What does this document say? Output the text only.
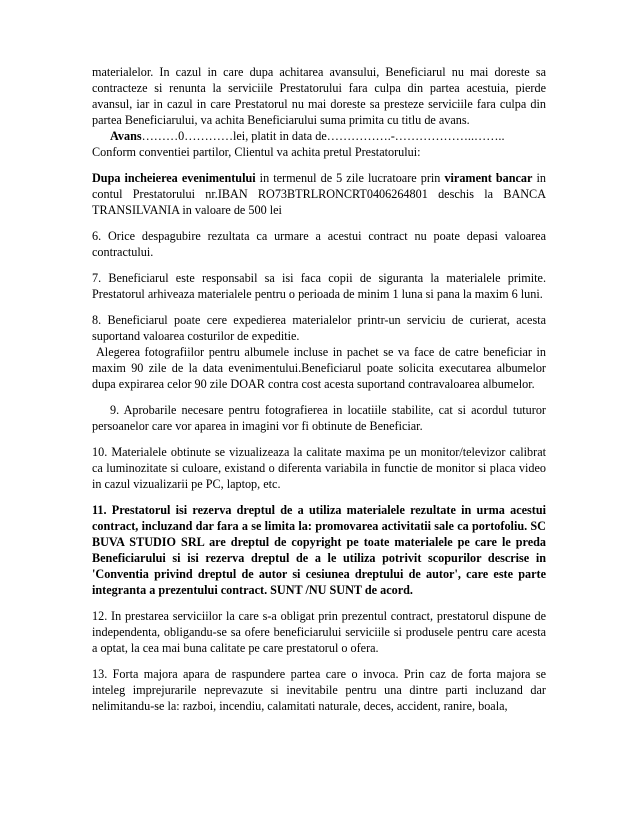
materialelor. In cazul in care dupa achitarea avansului, Beneficiarul nu mai doreste sa contracteze si renunta la serviciile Prestatorului fara culpa din partea acestuia, pierde avansul, iar in cazul in care Prestatorul nu mai doreste sa presteze serviciile fara culpa din partea Beneficiarului, va achita Beneficiarului suma primita cu titlu de avans.

Avans………0…………lei, platit in data de…………….-………………..……..

Conform conventiei partilor, Clientul va achita pretul Prestatorului:

Dupa incheierea evenimentului in termenul de 5 zile lucratoare prin virament bancar in contul Prestatorului nr.IBAN RO73BTRLRONCRT0406264801 deschis la BANCA TRANSILVANIA in valoare de 500 lei

6. Orice despagubire rezultata ca urmare a acestui contract nu poate depasi valoarea contractului.

7. Beneficiarul este responsabil sa isi faca copii de siguranta la materialele primite. Prestatorul arhiveaza materialele pentru o perioada de minim 1 luna si pana la maxim 6 luni.

8. Beneficiarul poate cere expedierea materialelor printr-un serviciu de curierat, acesta suportand valoarea costurilor de expeditie.

Alegerea fotografiilor pentru albumele incluse in pachet se va face de catre beneficiar in maxim 90 zile de la data evenimentului.Beneficiarul poate solicita executarea albumelor dupa expirarea celor 90 zile DOAR contra cost acesta suportand contravaloarea albumelor.

9. Aprobarile necesare pentru fotografierea in locatiile stabilite, cat si acordul tuturor persoanelor care vor aparea in imagini vor fi obtinute de Beneficiar.

10. Materialele obtinute se vizualizeaza la calitate maxima pe un monitor/televizor calibrat ca luminozitate si culoare, existand o diferenta variabila in functie de monitor si placa video in cazul vizualizarii pe PC, laptop, etc.

11. Prestatorul isi rezerva dreptul de a utiliza materialele rezultate in urma acestui contract, incluzand dar fara a se limita la: promovarea activitatii sale ca portofoliu. SC BUVA STUDIO SRL are dreptul de copyright pe toate materialele pe care le preda Beneficiarului si isi rezerva dreptul de a le utiliza potrivit scopurilor descrise in 'Conventia privind dreptul de autor si cesiunea dreptului de autor', care este parte integranta a prezentului contract. SUNT /NU SUNT de acord.

12. In prestarea serviciilor la care s-a obligat prin prezentul contract, prestatorul dispune de independenta, obligandu-se sa ofere beneficiarului serviciile si produsele pentru care acesta a optat, la cea mai buna calitate pe care prestatorul o ofera.

13. Forta majora apara de raspundere partea care o invoca. Prin caz de forta majora se inteleg imprejurarile neprevazute si inevitabile pentru una dintre parti incluzand dar nelimitandu-se la: razboi, incendiu, calamitati naturale, deces, accident, ranire, boala,
